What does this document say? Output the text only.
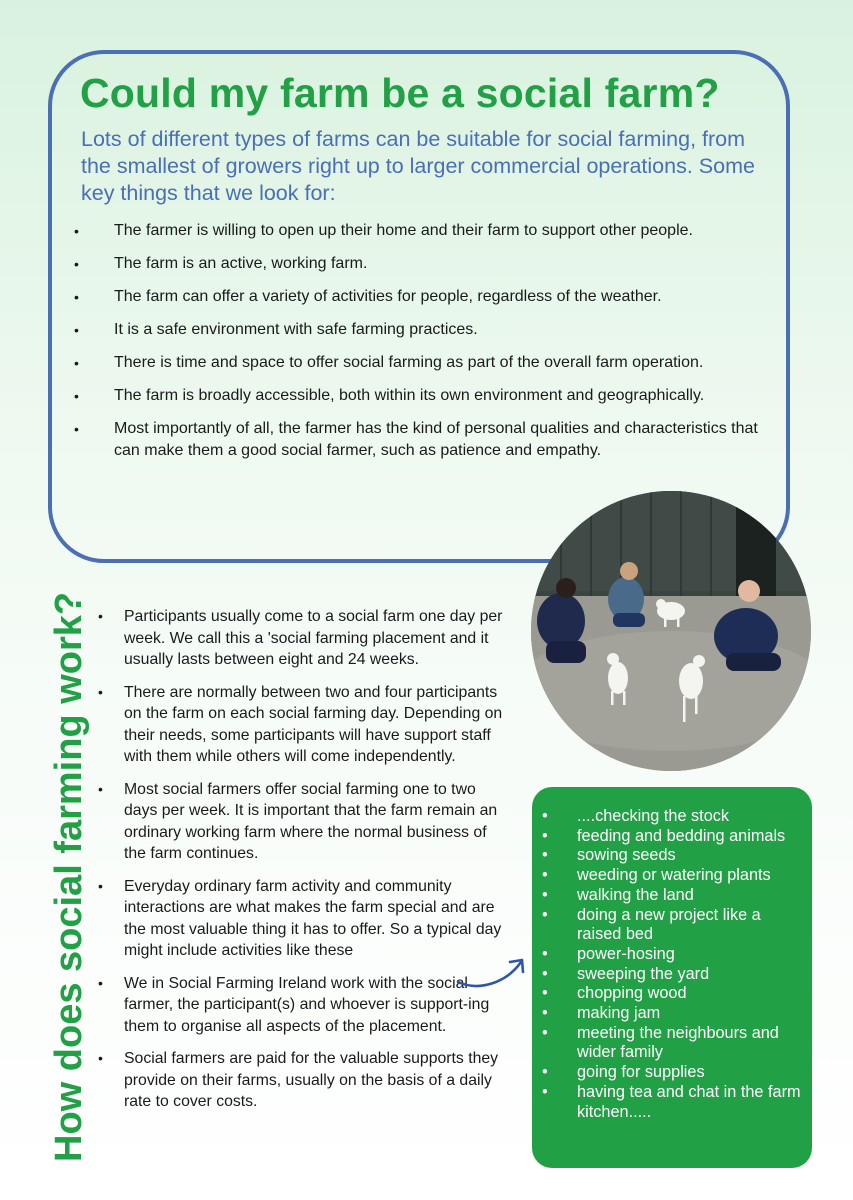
Could my farm be a social farm?

Lots of different types of farms can be suitable for social farming, from the smallest of growers right up to larger commercial operations. Some key things that we look for:

• The farmer is willing to open up their home and their farm to support other people.
• The farm is an active, working farm.
• The farm can offer a variety of activities for people, regardless of the weather.
• It is a safe environment with safe farming practices.
• There is time and space to offer social farming as part of the overall farm operation.
• The farm is broadly accessible, both within its own environment and geographically.
• Most importantly of all, the farmer has the kind of personal qualities and characteristics that can make them a good social farmer, such as patience and empathy.
How does social farming work?
•	Participants usually come to a social farm one day per week. We call this a 'social farming placement and it usually lasts between eight and 24 weeks.
• There are normally between two and four participants on the farm on each social farming day. Depending on their needs, some participants will have support staff with them while others will come independently.
• Most social farmers offer social farming one to two days per week. It is important that the farm remain an ordinary working farm where the normal business of the farm continues.
• Everyday ordinary farm activity and community interactions are what makes the farm special and are the most valuable thing it has to offer. So a typical day might include activities like these
• We in Social Farming Ireland work with the social farmer, the participant(s) and whoever is support-ing them to organise all aspects of the placement.
• Social farmers are paid for the valuable supports they provide on their farms, usually on the basis of a daily rate to cover costs.
• ....checking the stock
• feeding and bedding animals
• sowing seeds
• weeding or watering plants
• walking the land
• doing a new project like a raised bed
• power-hosing
• sweeping the yard
• chopping wood
• making jam
• meeting the neighbours and wider family
• going for supplies
• having tea and chat in the farm kitchen.....
